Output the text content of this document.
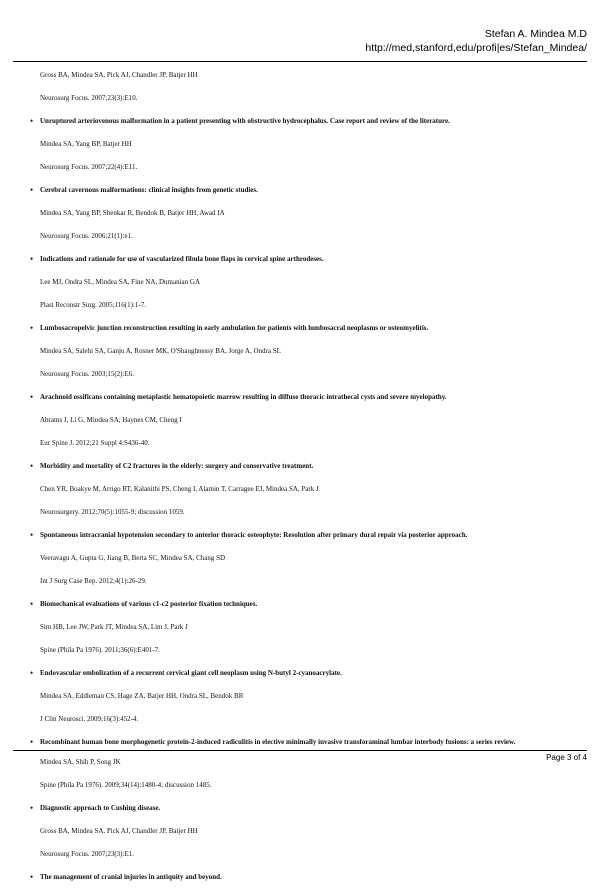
Stefan A. Mindea M.D
http://med,stanford,edu/profi|es/Stefan_Mindea/
Gross BA, Mindea SA, Pick AJ, Chandler JP, Batjer HH
Neurosurg Focus. 2007;23(3):E10.
• Unruptured arteriovenous malformation in a patient presenting with obstructive hydrocephalus. Case report and review of the literature.
Mindea SA, Yang BP, Batjer HH
Neurosurg Focus. 2007;22(4):E11.
• Cerebral cavernous malformations: clinical insights from genetic studies.
Mindea SA, Yang BP, Shenkar R, Bendok B, Batjer HH, Awad IA
Neurosurg Focus. 2006;21(1):e1.
• Indications and rationale for use of vascularized fibula bone flaps in cervical spine arthrodeses.
Lee MJ, Ondra SL, Mindea SA, Fine NA, Dumanian GA
Plast Reconstr Surg. 2005;116(1):1-7.
• Lumbosacropelvic junction reconstruction resulting in early ambulation for patients with lumbosacral neoplasms or osteomyelitis.
Mindea SA, Salehi SA, Ganju A, Rosner MK, O'Shaughnessy BA, Jorge A, Ondra SL
Neurosurg Focus. 2003;15(2):E6.
• Arachnoid ossificans containing metaplastic hematopoietic marrow resulting in diffuse thoracic intrathecal cysts and severe myelopathy.
Abrams J, Li G, Mindea SA, Haynes CM, Cheng I
Eur Spine J. 2012;21 Suppl 4:S436-40.
• Morbidity and mortality of C2 fractures in the elderly: surgery and conservative treatment.
Chen YR, Boakye M, Arrigo RT, Kalanithi PS, Cheng I, Alamin T, Carragee EJ, Mindea SA, Park J
Neurosurgery. 2012;70(5):1055-9; discussion 1059.
• Spontaneous intracranial hypotension secondary to anterior thoracic osteophyte: Resolution after primary dural repair via posterior approach.
Veeravagu A, Gupta G, Jiang B, Berta SC, Mindea SA, Chang SD
Int J Surg Case Rep. 2012;4(1):26-29.
• Biomechanical evaluations of various c1-c2 posterior fixation techniques.
Sim HB, Lee JW, Park JT, Mindea SA, Lim J, Park J
Spine (Phila Pa 1976). 2011;36(6):E401-7.
• Endovascular embolization of a recurrent cervical giant cell neoplasm using N-butyl 2-cyanoacrylate.
Mindea SA, Eddleman CS, Hage ZA, Batjer HH, Ondra SL, Bendok BR
J Clin Neurosci. 2009;16(3):452-4.
• Recombinant human bone morphogenetic protein-2-induced radiculitis in elective minimally invasive transforaminal lumbar interbody fusions: a series review.
Mindea SA, Shih P, Song JK
Spine (Phila Pa 1976). 2009;34(14):1480-4; discussion 1485.
• Diagnostic approach to Cushing disease.
Gross BA, Mindea SA, Pick AJ, Chandler JP, Batjer HH
Neurosurg Focus. 2007;23(3):E1.
• The management of cranial injuries in antiquity and beyond.
Page 3 of 4
